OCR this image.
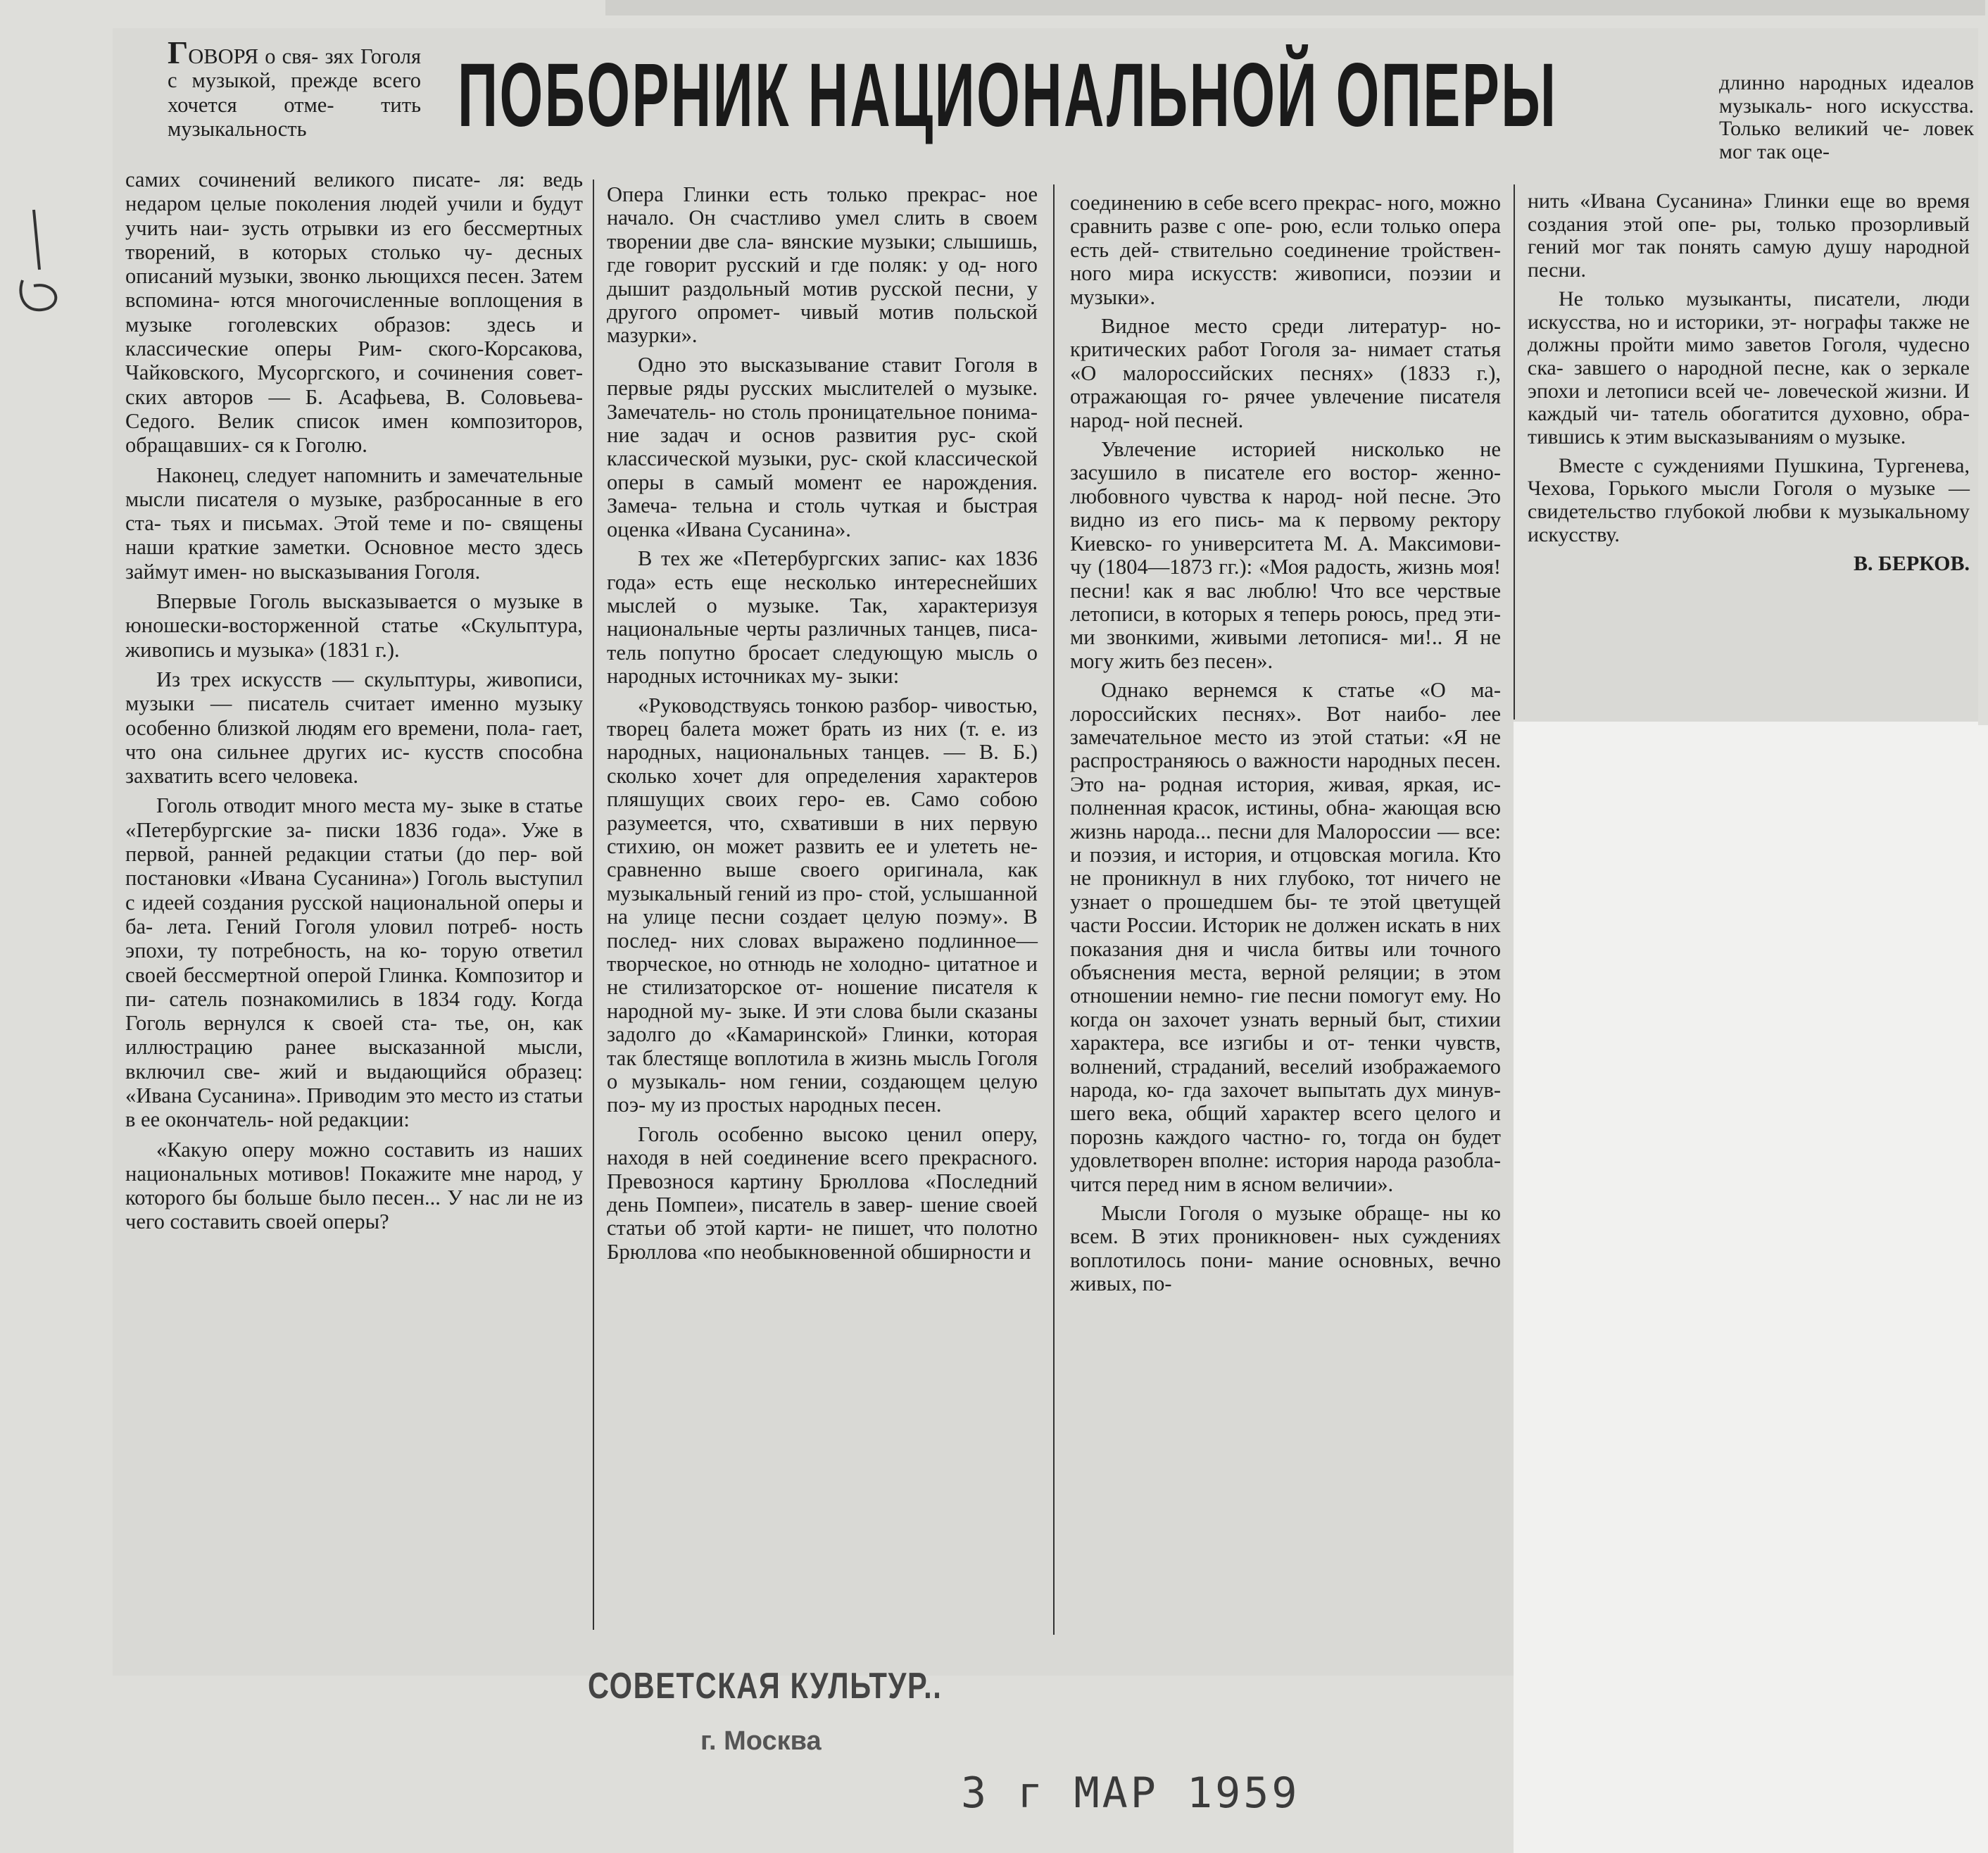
ПОБОРНИК НАЦИОНАЛЬНОЙ ОПЕРЫ
ГОВОРЯ о свя- зях Гоголя с музыкой, прежде всего хочется отме- тить музыкальность

самих сочинений великого писате- ля: ведь недаром целые поколения людей учили и будут учить наи- зусть отрывки из его бессмертных творений, в которых столько чу- десных описаний музыки, звонко льющихся песен. Затем вспомина- ются многочисленные воплощения в музыке гоголевских образов: здесь и классические оперы Рим- ского-Корсакова, Чайковского, Мусоргского, и сочинения совет- ских авторов — Б. Асафьева, В. Соловьева-Седого. Велик список имен композиторов, обращавших- ся к Гоголю.

Наконец, следует напомнить и замечательные мысли писателя о музыке, разбросанные в его ста- тьях и письмах. Этой теме и по- священы наши краткие заметки. Основное место здесь займут имен- но высказывания Гоголя.

Впервые Гоголь высказывается о музыке в юношески-восторженной статье «Скульптура, живопись и музыка» (1831 г.).

Из трех искусств — скульптуры, живописи, музыки — писатель считает именно музыку особенно близкой людям его времени, пола- гает, что она сильнее других ис- кусств способна захватить всего человека.

Гоголь отводит много места му- зыке в статье «Петербургские за- писки 1836 года». Уже в первой, ранней редакции статьи (до пер- вой постановки «Ивана Сусанина») Гоголь выступил с идеей создания русской национальной оперы и ба- лета. Гений Гоголя уловил потреб- ность эпохи, ту потребность, на ко- торую ответил своей бессмертной оперой Глинка. Композитор и пи- сатель познакомились в 1834 году. Когда Гоголь вернулся к своей ста- тье, он, как иллюстрацию ранее высказанной мысли, включил све- жий и выдающийся образец: «Ивана Сусанина». Приводим это место из статьи в ее окончатель- ной редакции:

«Какую оперу можно составить из наших национальных мотивов! Покажите мне народ, у которого бы больше было песен... У нас ли не из чего составить своей оперы?

Опера Глинки есть только прекрас- ное начало. Он счастливо умел слить в своем творении две сла- вянские музыки; слышишь, где говорит русский и где поляк: у од- ного дышит раздольный мотив русской песни, у другого опромет- чивый мотив польской мазурки».

Одно это высказывание ставит Гоголя в первые ряды русских мыслителей о музыке. Замечатель- но столь проницательное понима- ние задач и основ развития рус- ской классической музыки, рус- ской классической оперы в самый момент ее нарождения. Замеча- тельна и столь чуткая и быстрая оценка «Ивана Сусанина».

В тех же «Петербургских запис- ках 1836 года» есть еще несколько интереснейших мыслей о музыке. Так, характеризуя национальные черты различных танцев, писа- тель попутно бросает следующую мысль о народных источниках му- зыки:

«Руководствуясь тонкою разбор- чивостью, творец балета может брать из них (т. е. из народных, национальных танцев. — В. Б.) сколько хочет для определения характеров пляшущих своих геро- ев. Само собою разумеется, что, схвативши в них первую стихию, он может развить ее и улететь не- сравненно выше своего оригинала, как музыкальный гений из про- стой, услышанной на улице песни создает целую поэму». В послед- них словах выражено подлинное— творческое, но отнюдь не холодно- цитатное и не стилизаторское от- ношение писателя к народной му- зыке. И эти слова были сказаны задолго до «Камаринской» Глинки, которая так блестяще воплотила в жизнь мысль Гоголя о музыкаль- ном гении, создающем целую поэ- му из простых народных песен.

Гоголь особенно высоко ценил оперу, находя в ней соединение всего прекрасного. Превознося картину Брюллова «Последний день Помпеи», писатель в завер- шение своей статьи об этой карти- не пишет, что полотно Брюллова «по необыкновенной обширности и

соединению в себе всего прекрас- ного, можно сравнить разве с опе- рою, если только опера есть дей- ствительно соединение тройствен- ного мира искусств: живописи, поэзии и музыки».

Видное место среди литератур- но-критических работ Гоголя за- нимает статья «О малороссийских песнях» (1833 г.), отражающая го- рячее увлечение писателя народ- ной песней.

Увлечение историей нисколько не засушило в писателе его востор- женно-любовного чувства к народ- ной песне. Это видно из его пись- ма к первому ректору Киевско- го университета М. А. Максимови- чу (1804—1873 гг.): «Моя радость, жизнь моя! песни! как я вас люблю! Что все черствые летописи, в которых я теперь роюсь, пред эти- ми звонкими, живыми летопися- ми!.. Я не могу жить без песен».

Однако вернемся к статье «О ма- лороссийских песнях». Вот наибо- лее замечательное место из этой статьи: «Я не распространяюсь о важности народных песен. Это на- родная история, живая, яркая, ис- полненная красок, истины, обна- жающая всю жизнь народа... песни для Малороссии — все: и поэзия, и история, и отцовская могила. Кто не проникнул в них глубоко, тот ничего не узнает о прошедшем бы- те этой цветущей части России. Историк не должен искать в них показания дня и числа битвы или точного объяснения места, верной реляции; в этом отношении немно- гие песни помогут ему. Но когда он захочет узнать верный быт, стихии характера, все изгибы и от- тенки чувств, волнений, страданий, веселий изображаемого народа, ко- гда захочет выпытать дух минув- шего века, общий характер всего целого и порознь каждого частно- го, тогда он будет удовлетворен вполне: история народа разобла- чится перед ним в ясном величии».

Мысли Гоголя о музыке обраще- ны ко всем. В этих проникновен- ных суждениях воплотилось пони- мание основных, вечно живых, по-

длинно народных идеалов музыкаль- ного искусства. Только великий че- ловек мог так оце-

нить «Ивана Сусанина» Глинки еще во время создания этой опе- ры, только прозорливый гений мог так понять самую душу народной песни.

Не только музыканты, писатели, люди искусства, но и историки, эт- нографы также не должны пройти мимо заветов Гоголя, чудесно ска- завшего о народной песне, как о зеркале эпохи и летописи всей че- ловеческой жизни. И каждый чи- татель обогатится духовно, обра- тившись к этим высказываниям о музыке.

Вместе с суждениями Пушкина, Тургенева, Чехова, Горького мысли Гоголя о музыке — свидетельство глубокой любви к музыкальному искусству.

В. БЕРКОВ.

СОВЕТСКАЯ КУЛЬТУР..
г. Москва
3 г МАР 1959
